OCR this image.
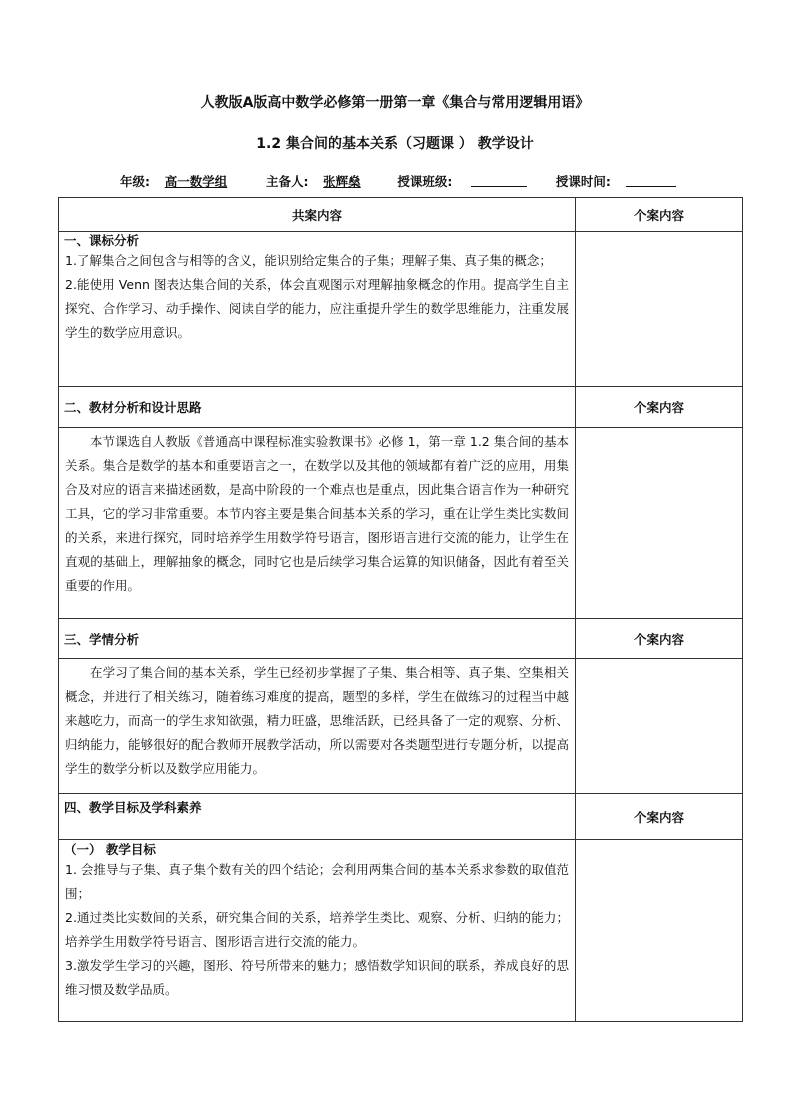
人教版A版高中数学必修第一册第一章《集合与常用逻辑用语》
1.2 集合间的基本关系（习题课 ） 教学设计
年级: 高一数学组	主备人: 张辉燊	授课班级:	授课时间:
共案内容	个案内容

一、课标分析

1.了解集合之间包含与相等的含义，能识别给定集合的子集；理解子集、真子集的概念；

2.能使用 Venn 图表达集合间的关系，体会直观图示对理解抽象概念的作用。提高学生自主探究、合作学习、动手操作、阅读自学的能力，应注重提升学生的数学思维能力，注重发展学生的数学应用意识。	

二、教材分析和设计思路	个案内容

本节课选自人教版《普通高中课程标准实验教课书》必修 1，第一章 1.2 集合间的基本关系。集合是数学的基本和重要语言之一，在数学以及其他的领域都有着广泛的应用，用集合及对应的语言来描述函数，是高中阶段的一个难点也是重点，因此集合语言作为一种研究工具，它的学习非常重要。本节内容主要是集合间基本关系的学习，重在让学生类比实数间的关系，来进行探究，同时培养学生用数学符号语言，图形语言进行交流的能力，让学生在直观的基础上，理解抽象的概念，同时它也是后续学习集合运算的知识储备，因此有着至关重要的作用。	

三、学情分析	个案内容

在学习了集合间的基本关系，学生已经初步掌握了子集、集合相等、真子集、空集相关概念，并进行了相关练习，随着练习难度的提高，题型的多样，学生在做练习的过程当中越来越吃力，而高一的学生求知欲强，精力旺盛，思维活跃，已经具备了一定的观察、分析、归纳能力，能够很好的配合教师开展教学活动，所以需要对各类题型进行专题分析，以提高学生的数学分析以及数学应用能力。	

四、教学目标及学科素养	个案内容

（一） 教学目标

1. 会推导与子集、真子集个数有关的四个结论；会利用两集合间的基本关系求参数的取值范围；

2.通过类比实数间的关系，研究集合间的关系，培养学生类比、观察、分析、归纳的能力；培养学生用数学符号语言、图形语言进行交流的能力。

3.激发学生学习的兴趣，图形、符号所带来的魅力；感悟数学知识间的联系，养成良好的思维习惯及数学品质。	
